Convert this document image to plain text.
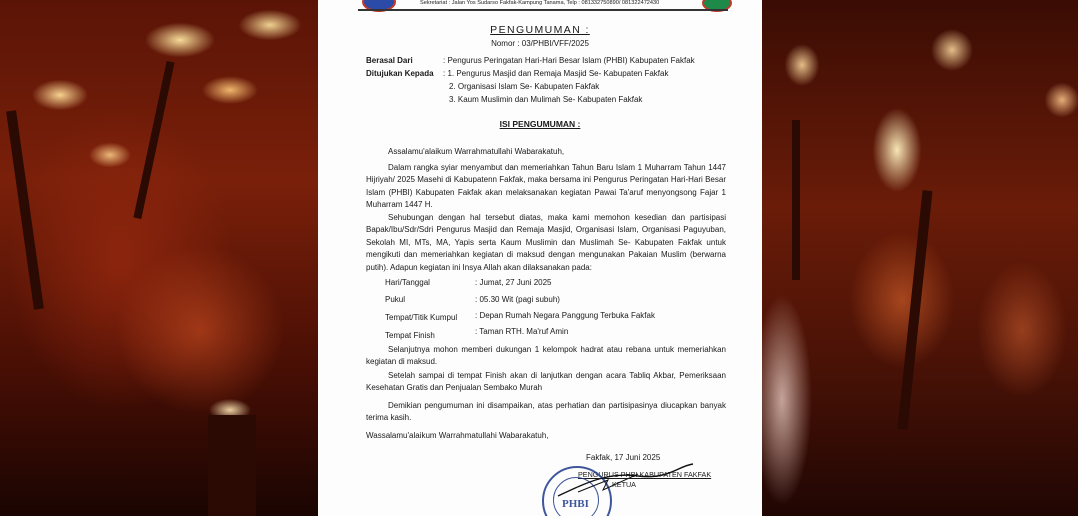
Sekretariat : Jalan Yos Sudarso Fakfak-Kampung Tanama, Telp : 081332750890/ 081322472430
PENGUMUMAN :
Nomor : 03/PHBI/VFF/2025
Berasal Dari	: Pengurus Peringatan Hari-Hari Besar Islam (PHBI) Kabupaten Fakfak
Ditujukan Kepada : 1. Pengurus Masjid dan Remaja Masjid Se- Kabupaten Fakfak
2. Organisasi Islam Se- Kabupaten Fakfak
3. Kaum Muslimin dan Mulimah Se- Kabupaten Fakfak
ISI PENGUMUMAN :
Assalamu'alaikum Warrahmatullahi Wabarakatuh,
Dalam rangka syiar menyambut dan memeriahkan Tahun Baru Islam 1 Muharram Tahun 1447 Hijriyah/ 2025 Masehi di Kabupatenn Fakfak, maka bersama ini Pengurus Peringatan Hari-Hari Besar Islam (PHBI) Kabupaten Fakfak akan melaksanakan kegiatan Pawai Ta'aruf menyongsong Fajar 1 Muharram 1447 H.
Sehubungan dengan hal tersebut diatas, maka kami memohon kesedian dan partisipasi Bapak/Ibu/Sdr/Sdri Pengurus Masjid dan Remaja Masjid, Organisasi Islam, Organisasi Paguyuban, Sekolah MI, MTs, MA, Yapis serta Kaum Muslimin dan Muslimah Se- Kabupaten Fakfak untuk mengikuti dan memeriahkan kegiatan di maksud dengan mengunakan Pakaian Muslim (berwarna putih). Adapun kegiatan ini Insya Allah akan dilaksanakan pada:
Hari/Tanggal	: Jumat, 27 Juni 2025
Pukul	: 05.30 Wit (pagi subuh)
Tempat/Titik Kumpul : Depan Rumah Negara Panggung Terbuka Fakfak
Tempat Finish	: Taman RTH. Ma'ruf Amin
Selanjutnya mohon memberi dukungan 1 kelompok hadrat atau rebana untuk memeriahkan kegiatan di maksud.
Setelah sampai di tempat Finish akan di lanjutkan dengan acara Tabliq Akbar, Pemeriksaan Kesehatan Gratis dan Penjualan Sembako Murah
Demikian pengumuman ini disampaikan, atas perhatian dan partisipasinya diucapkan banyak terima kasih.
Wassalamu'alaikum Warrahmatullahi Wabarakatuh,
Fakfak, 17 Juni 2025
PENGURUS PHBI KABUPATEN FAKFAK
KETUA
PHBI
